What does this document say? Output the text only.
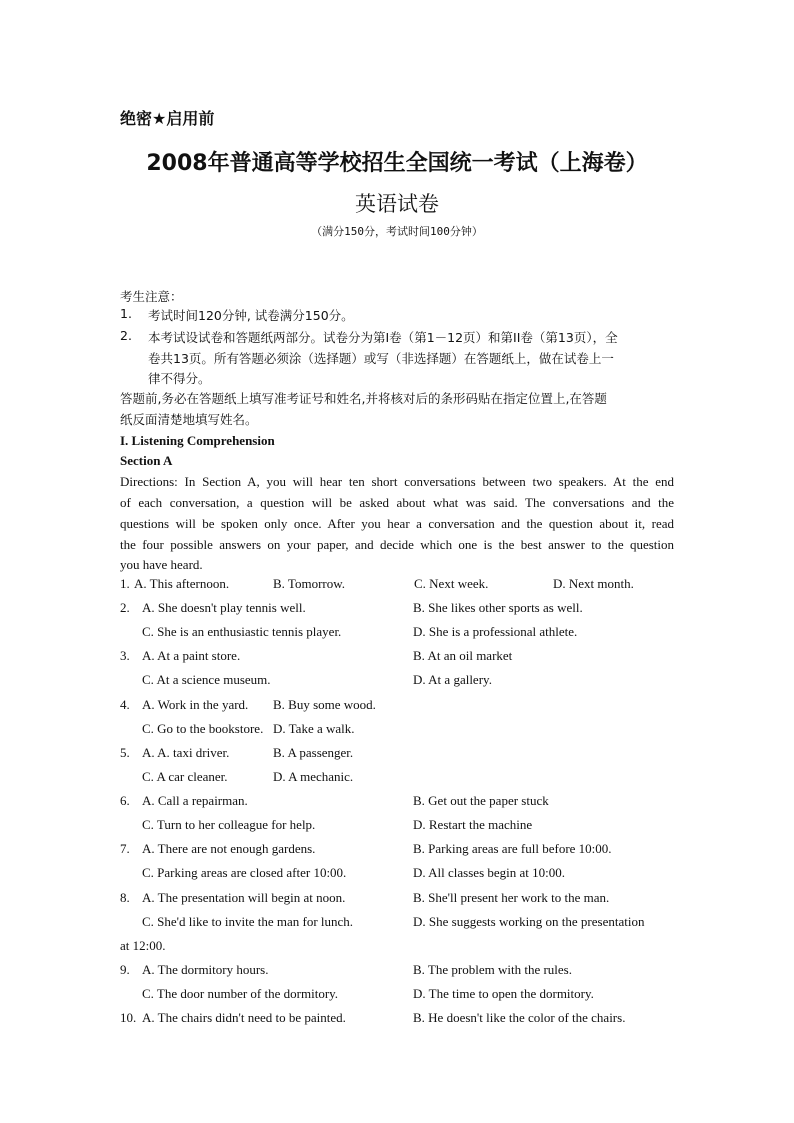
绝密★启用前
2008年普通高等学校招生全国统一考试（上海卷）
英语试卷
（满分150分，考试时间100分钟）
考生注意：
1. 考试时间120分钟, 试卷满分150分。
2. 本考试设试卷和答题纸两部分。试卷分为第I卷（第1－12页）和第II卷（第13页），全
卷共13页。所有答题必须涂（选择题）或写（非选择题）在答题纸上，做在试卷上一
律不得分。
答题前,务必在答题纸上填写准考证号和姓名,并将核对后的条形码贴在指定位置上,在答题
纸反面清楚地填写姓名。
I. Listening Comprehension
Section A
Directions: In Section A, you will hear ten short conversations between two speakers. At the end
of each conversation, a question will be asked about what was said. The conversations and the
questions will be spoken only once. After you hear a conversation and the question about it, read
the four possible answers on your paper, and decide which one is the best answer to the question
you have heard.
1. A. This afternoon.	B. Tomorrow.	C. Next week.	D. Next month.
2. A. She doesn't play tennis well.	B. She likes other sports as well.
C. She is an enthusiastic tennis player.	D. She is a professional athlete.
3. A. At a paint store.	B. At an oil market
C. At a science museum.	D. At a gallery.
4. A. Work in the yard. B. Buy some wood.
C. Go to the bookstore. D. Take a walk.
5. A. A. taxi driver.	B. A passenger.
C. A car cleaner.	D. A mechanic.
6. A. Call a repairman.	B. Get out the paper stuck
C. Turn to her colleague for help.	D. Restart the machine
7. A. There are not enough gardens.	B. Parking areas are full before 10:00.
C. Parking areas are closed after 10:00.	D. All classes begin at 10:00.
8. A. The presentation will begin at noon.	B. She'll present her work to the man.
C. She'd like to invite the man for lunch.	D. She suggests working on the presentation
at 12:00.
9. A. The dormitory hours.	B. The problem with the rules.
C. The door number of the dormitory.	D. The time to open the dormitory.
10. A. The chairs didn't need to be painted.	B. He doesn't like the color of the chairs.
